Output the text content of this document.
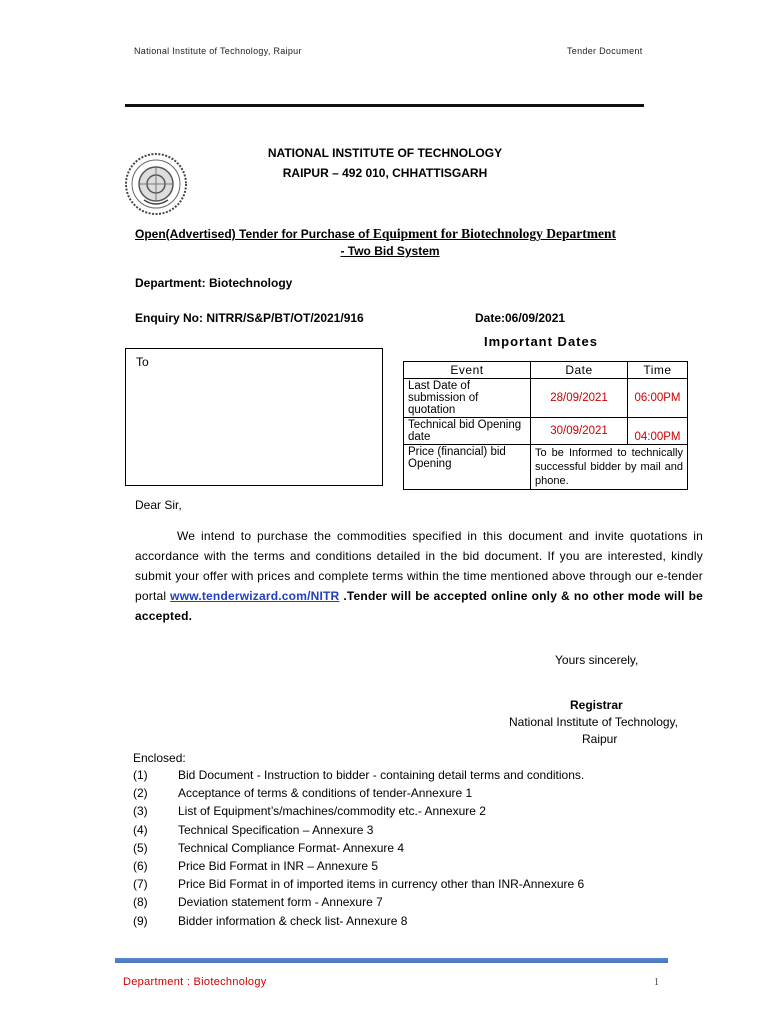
National Institute of Technology, Raipur	Tender Document
NATIONAL INSTITUTE OF TECHNOLOGY
RAIPUR – 492 010, CHHATTISGARH
Open(Advertised) Tender for Purchase of Equipment for Biotechnology Department
- Two Bid System
Department: Biotechnology
Enquiry No: NITRR/S&P/BT/OT/2021/916	Date:06/09/2021
Important Dates
To
Event	Date	Time
Last Date of submission of quotation	28/09/2021	06:00PM
Technical bid Opening date	30/09/2021	04:00PM
Price (financial) bid Opening	To be Informed to technically successful bidder by mail and phone.	
Dear Sir,
We intend to purchase the commodities specified in this document and invite quotations in accordance with the terms and conditions detailed in the bid document. If you are interested, kindly submit your offer with prices and complete terms within the time mentioned above through our e-tender portal www.tenderwizard.com/NITR .Tender will be accepted online only & no other mode will be accepted.
Yours sincerely,
Registrar
National Institute of Technology,
Raipur
Enclosed:
(1)	Bid Document - Instruction to bidder - containing detail terms and conditions.
(2)	Acceptance of terms & conditions of tender-Annexure 1
(3)	List of Equipment’s/machines/commodity etc.- Annexure 2
(4)	Technical Specification – Annexure 3
(5)	Technical Compliance Format- Annexure 4
(6)	Price Bid Format in INR – Annexure 5
(7)	Price Bid Format in of imported items in currency other than INR-Annexure 6
(8)	Deviation statement form - Annexure 7
(9)	Bidder information & check list- Annexure 8
Department : Biotechnology	1
